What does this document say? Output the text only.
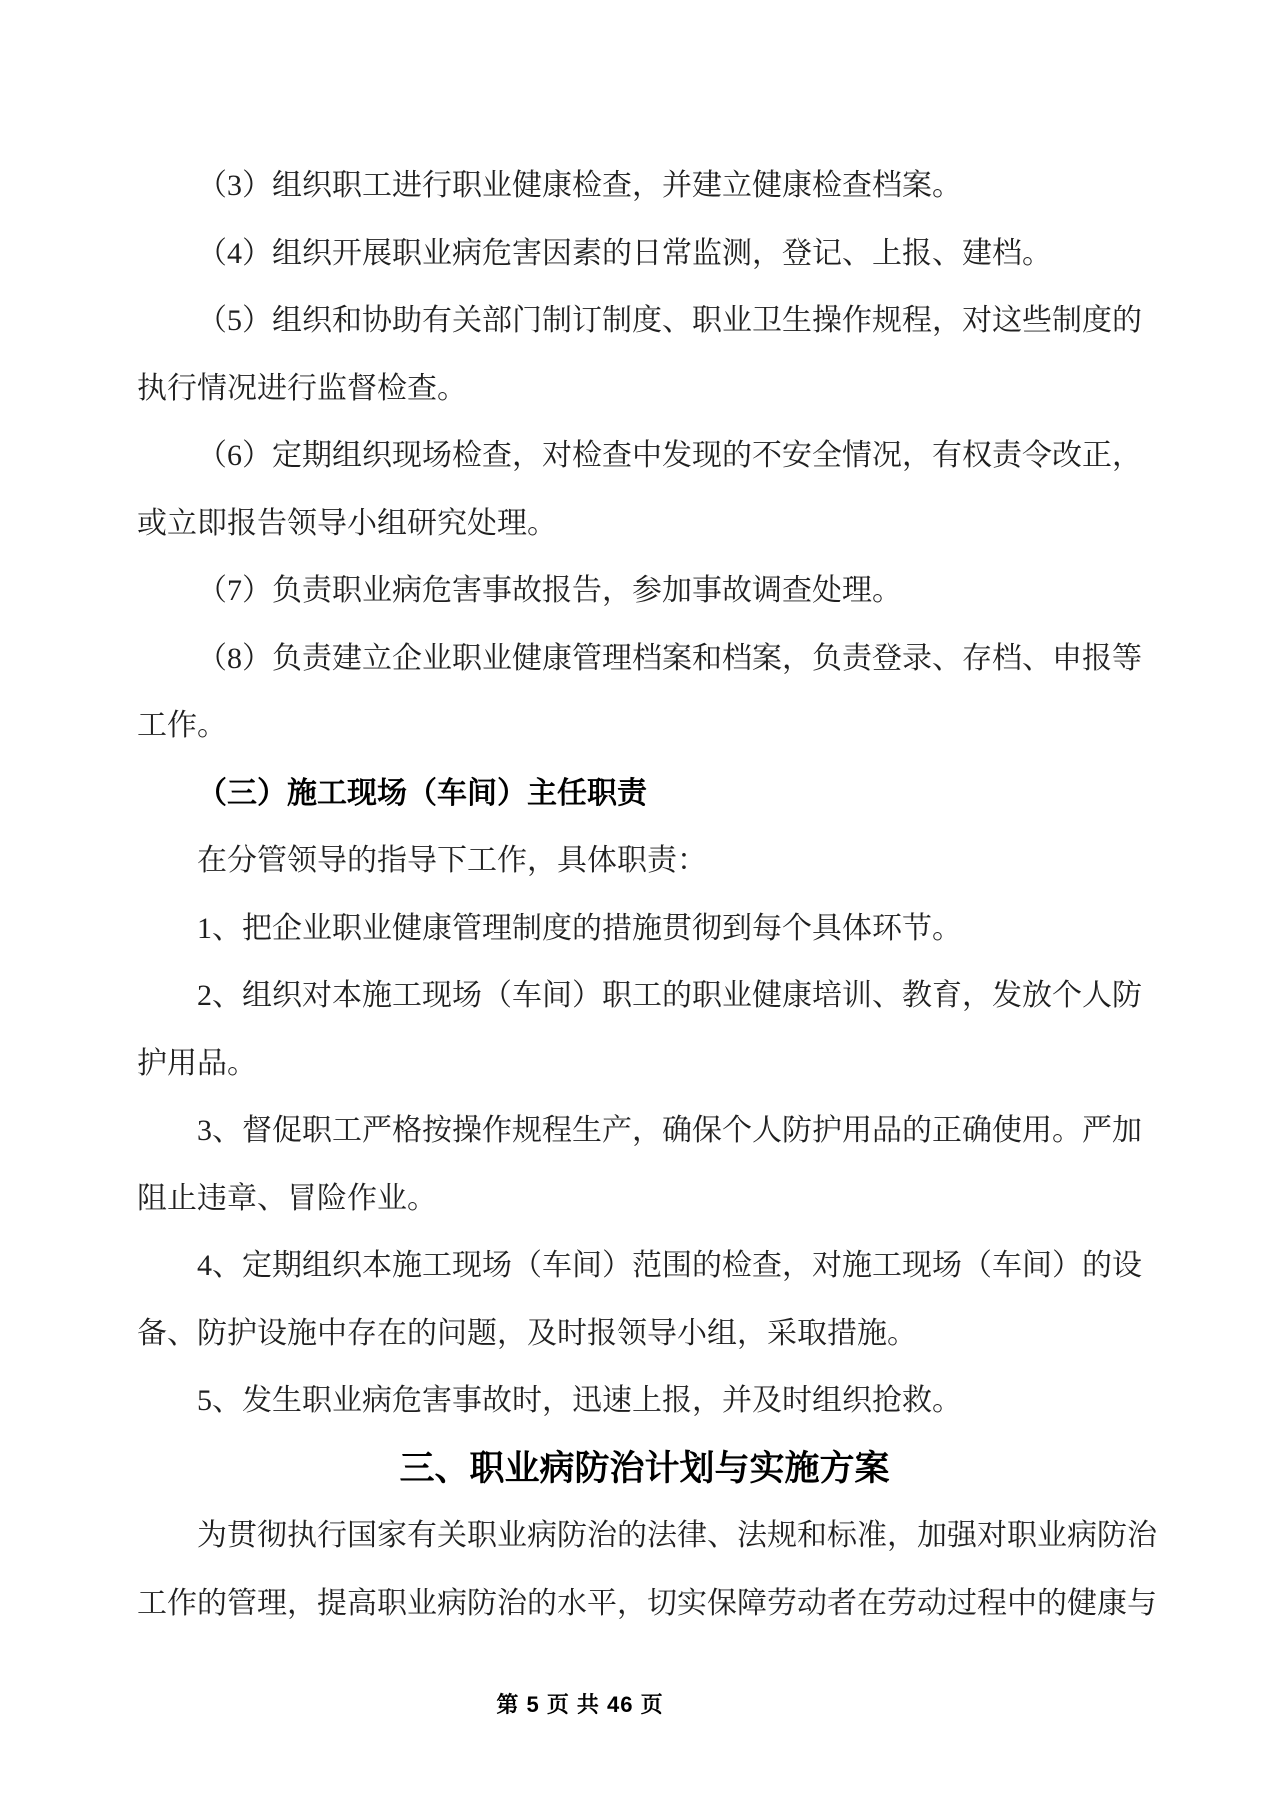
（3）组织职工进行职业健康检查，并建立健康检查档案。
（4）组织开展职业病危害因素的日常监测，登记、上报、建档。
（5）组织和协助有关部门制订制度、职业卫生操作规程，对这些制度的
执行情况进行监督检查。
（6）定期组织现场检查，对检查中发现的不安全情况，有权责令改正，
或立即报告领导小组研究处理。
（7）负责职业病危害事故报告，参加事故调查处理。
（8）负责建立企业职业健康管理档案和档案，负责登录、存档、申报等
工作。
（三）施工现场（车间）主任职责
在分管领导的指导下工作，具体职责：
1、把企业职业健康管理制度的措施贯彻到每个具体环节。
2、组织对本施工现场（车间）职工的职业健康培训、教育，发放个人防
护用品。
3、督促职工严格按操作规程生产，确保个人防护用品的正确使用。严加
阻止违章、冒险作业。
4、定期组织本施工现场（车间）范围的检查，对施工现场（车间）的设
备、防护设施中存在的问题，及时报领导小组，采取措施。
5、发生职业病危害事故时，迅速上报，并及时组织抢救。
三、职业病防治计划与实施方案
为贯彻执行国家有关职业病防治的法律、法规和标准，加强对职业病防治
工作的管理，提高职业病防治的水平，切实保障劳动者在劳动过程中的健康与
第 5 页 共 46 页
